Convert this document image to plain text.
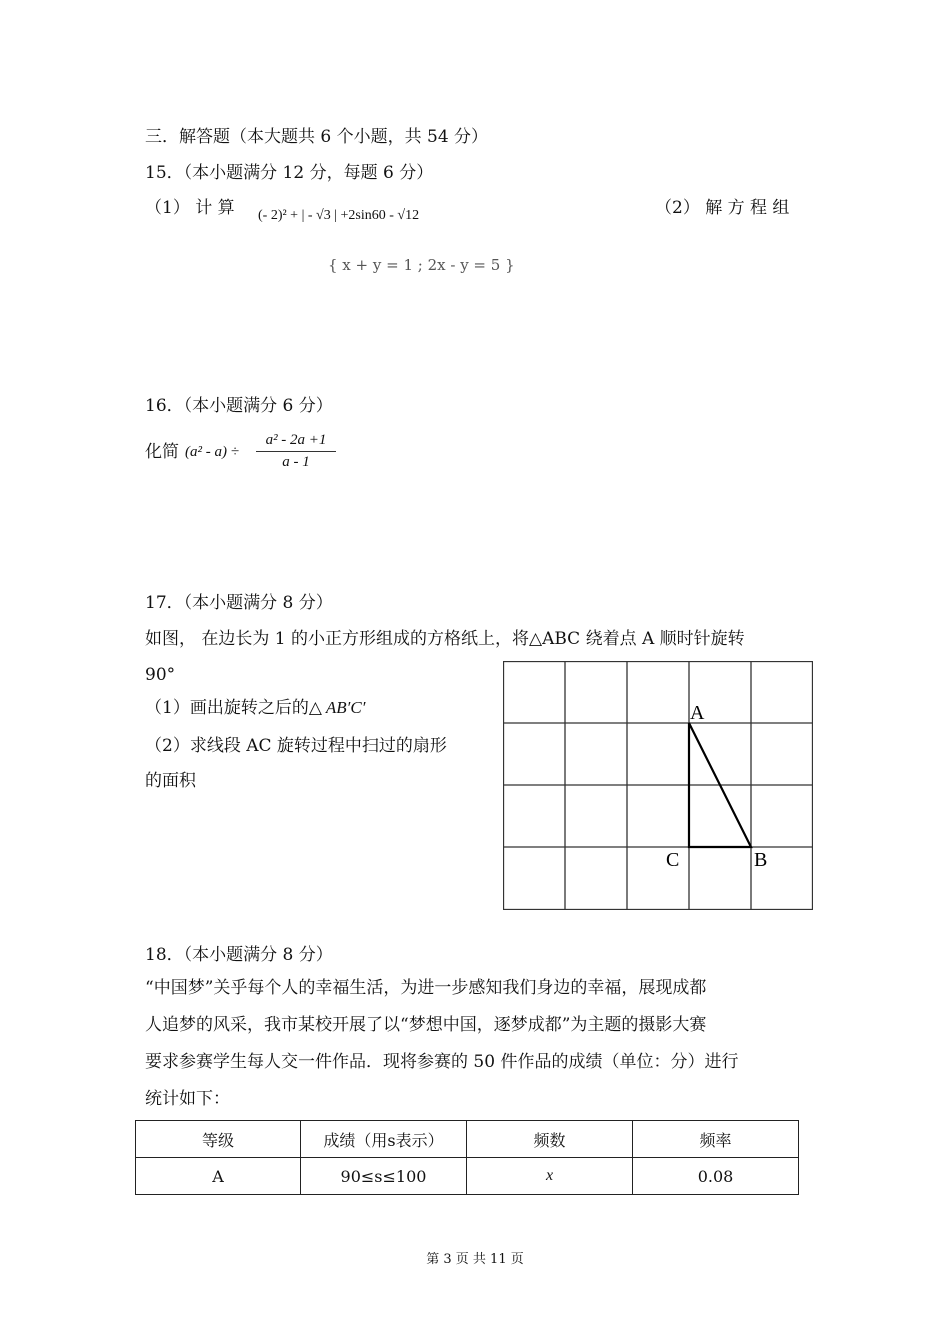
三．解答题（本大题共 6 个小题，共 54 分）
15．（本小题满分 12 分，每题 6 分）
（1） 计 算 (- 2)² + | - √3 | +2sin60 - √12	（2） 解 方 程 组
{ x + y = 1 ; 2x - y = 5 }
16．（本小题满分 6 分）
化简 $(a^2 - a) \div \frac{\text{a² - 2a +1}}{a - 1}$
17．（本小题满分 8 分）
如图， 在边长为 1 的小正方形组成的方格纸上，将△ABC 绕着点 A 顺时针旋转
90°
（1）画出旋转之后的△ AB′C′
（2）求线段 AC 旋转过程中扫过的扇形
的面积
A
B
C
18．（本小题满分 8 分）
“中国梦”关乎每个人的幸福生活，为进一步感知我们身边的幸福，展现成都
人追梦的风采，我市某校开展了以“梦想中国，逐梦成都”为主题的摄影大赛
要求参赛学生每人交一件作品．现将参赛的 50 件作品的成绩（单位：分）进行
统计如下：
等级	成绩（用s表示）	频数	频率
A	90≤s≤100	x	0.08
第 3 页 共 11 页
